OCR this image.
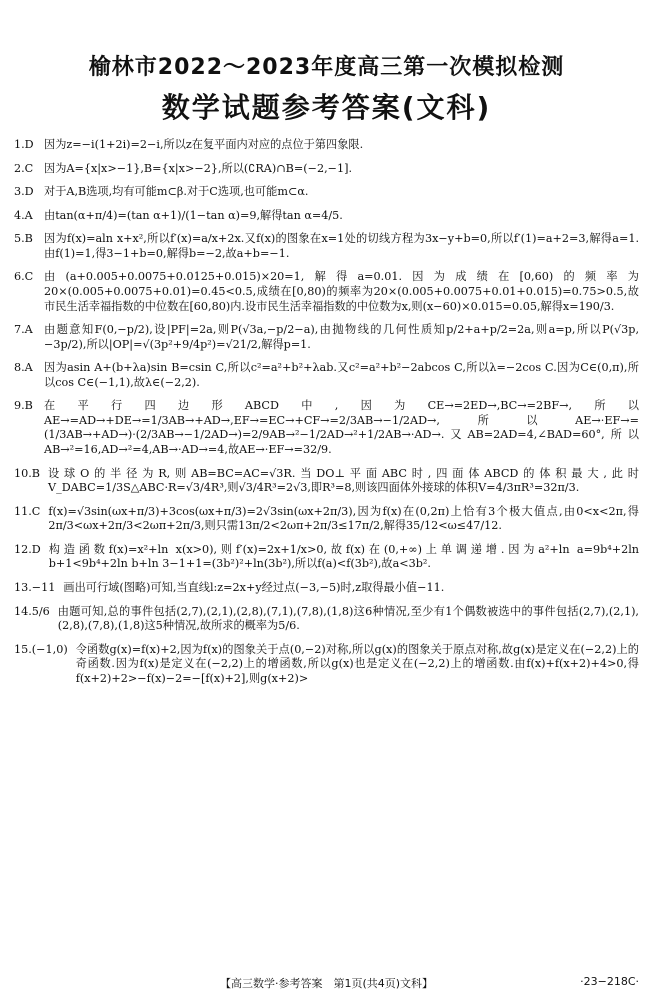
榆林市2022～2023年度高三第一次模拟检测
数学试题参考答案(文科)
1.D 因为z=−i(1+2i)=2−i,所以z在复平面内对应的点位于第四象限.

2.C 因为A={x|x>−1},B={x|x>−2},所以(∁RA)∩B=(−2,−1].

3.D 对于A,B选项,均有可能m⊂β.对于C选项,也可能m⊂α.

4.A 由tan(α+π/4)=(tan α+1)/(1−tan α)=9,解得tan α=4/5.

5.B 因为f(x)=aln x+x²,所以f′(x)=a/x+2x.又f(x)的图象在x=1处的切线方程为3x−y+b=0,所以f′(1)=a+2=3,解得a=1.由f(1)=1,得3−1+b=0,解得b=−2,故a+b=−1.

6.C 由(a+0.005+0.0075+0.0125+0.015)×20=1,解得a=0.01.因为成绩在[0,60)的频率为20×(0.005+0.0075+0.01)=0.45<0.5,成绩在[0,80)的频率为20×(0.005+0.0075+0.01+0.015)=0.75>0.5,故市民生活幸福指数的中位数在[60,80)内.设市民生活幸福指数的中位数为x,则(x−60)×0.015=0.05,解得x=190/3.

7.A 由题意知F(0,−p/2),设|PF|=2a,则P(√3a,−p/2−a),由抛物线的几何性质知p/2+a+p/2=2a,则a=p,所以P(√3p,−3p/2),所以|OP|=√(3p²+9/4p²)=√21/2,解得p=1.

8.A 因为asin A+(b+λa)sin B=csin C,所以c²=a²+b²+λab.又c²=a²+b²−2abcos C,所以λ=−2cos C.因为C∈(0,π),所以cos C∈(−1,1),故λ∈(−2,2).

9.B 在平行四边形ABCD中,因为CE→=2ED→,BC→=2BF→,所以AE→=AD→+DE→=1/3AB→+AD→,EF→=EC→+CF→=2/3AB→−1/2AD→,所以AE→·EF→=(1/3AB→+AD→)·(2/3AB→−1/2AD→)=2/9AB→²−1/2AD→²+1/2AB→·AD→.又AB=2AD=4,∠BAD=60°,所以AB→²=16,AD→²=4,AB→·AD→=4,故AE→·EF→=32/9.

10.B 设球O的半径为R,则AB=BC=AC=√3R.当DO⊥平面ABC时,四面体ABCD的体积最大,此时V_DABC=1/3S△ABC·R=√3/4R³,则√3/4R³=2√3,即R³=8,则该四面体外接球的体积V=4/3πR³=32π/3.

11.C f(x)=√3sin(ωx+π/3)+3cos(ωx+π/3)=2√3sin(ωx+2π/3),因为f(x)在(0,2π)上恰有3个极大值点,由0<x<2π,得2π/3<ωx+2π/3<2ωπ+2π/3,则只需13π/2<2ωπ+2π/3≤17π/2,解得35/12<ω≤47/12.

12.D 构造函数f(x)=x²+ln x(x>0),则f′(x)=2x+1/x>0,故f(x)在(0,+∞)上单调递增.因为a²+ln a=9b⁴+2ln b+1<9b⁴+2ln b+ln 3−1+1=(3b²)²+ln(3b²),所以f(a)<f(3b²),故a<3b².

13.−11 画出可行域(图略)可知,当直线l:z=2x+y经过点(−3,−5)时,z取得最小值−11.

14.5/6 由题可知,总的事件包括(2,7),(2,1),(2,8),(7,1),(7,8),(1,8)这6种情况,至少有1个偶数被选中的事件包括(2,7),(2,1),(2,8),(7,8),(1,8)这5种情况,故所求的概率为5/6.

15.(−1,0) 令函数g(x)=f(x)+2,因为f(x)的图象关于点(0,−2)对称,所以g(x)的图象关于原点对称,故g(x)是定义在(−2,2)上的奇函数.因为f(x)是定义在(−2,2)上的增函数,所以g(x)也是定义在(−2,2)上的增函数.由f(x)+f(x+2)+4>0,得f(x+2)+2>−f(x)−2=−[f(x)+2],则g(x+2)>

【高三数学·参考答案　第1页(共4页)文科】	·23−218C·
